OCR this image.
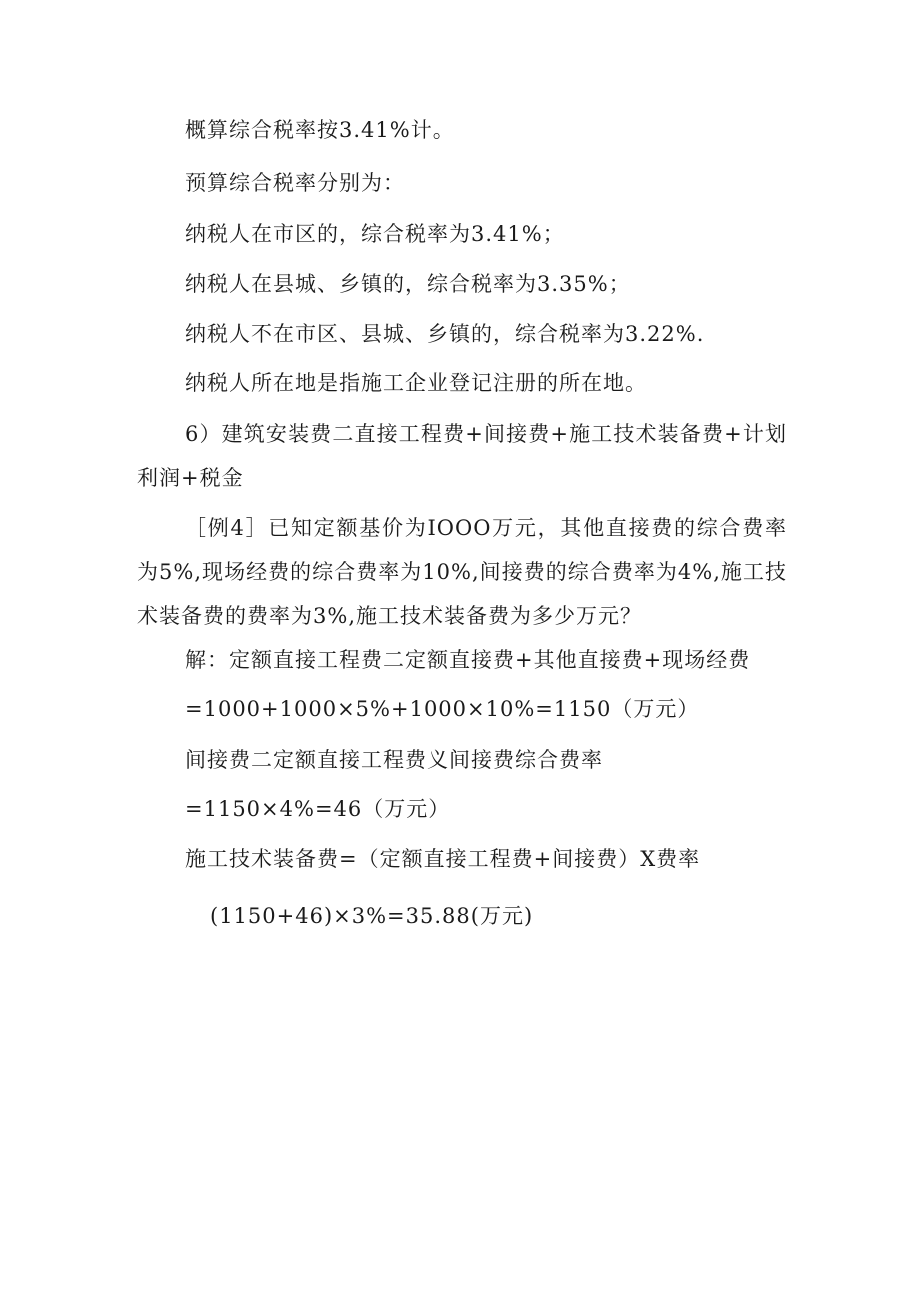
概算综合税率按3.41%计。
预算综合税率分别为：
纳税人在市区的，综合税率为3.41%；
纳税人在县城、乡镇的，综合税率为3.35%；
纳税人不在市区、县城、乡镇的，综合税率为3.22%.
纳税人所在地是指施工企业登记注册的所在地。
6）建筑安装费二直接工程费+间接费+施工技术装备费+计划利润+税金
［例4］已知定额基价为IOOO万元，其他直接费的综合费率为5%,现场经费的综合费率为10%,间接费的综合费率为4%,施工技术装备费的费率为3%,施工技术装备费为多少万元？
解：定额直接工程费二定额直接费+其他直接费+现场经费
=1000+1000×5%+1000×10%=1150（万元）
间接费二定额直接工程费义间接费综合费率
=1150×4%=46（万元）
施工技术装备费=（定额直接工程费+间接费）X费率
(1150+46)×3%=35.88(万元)
